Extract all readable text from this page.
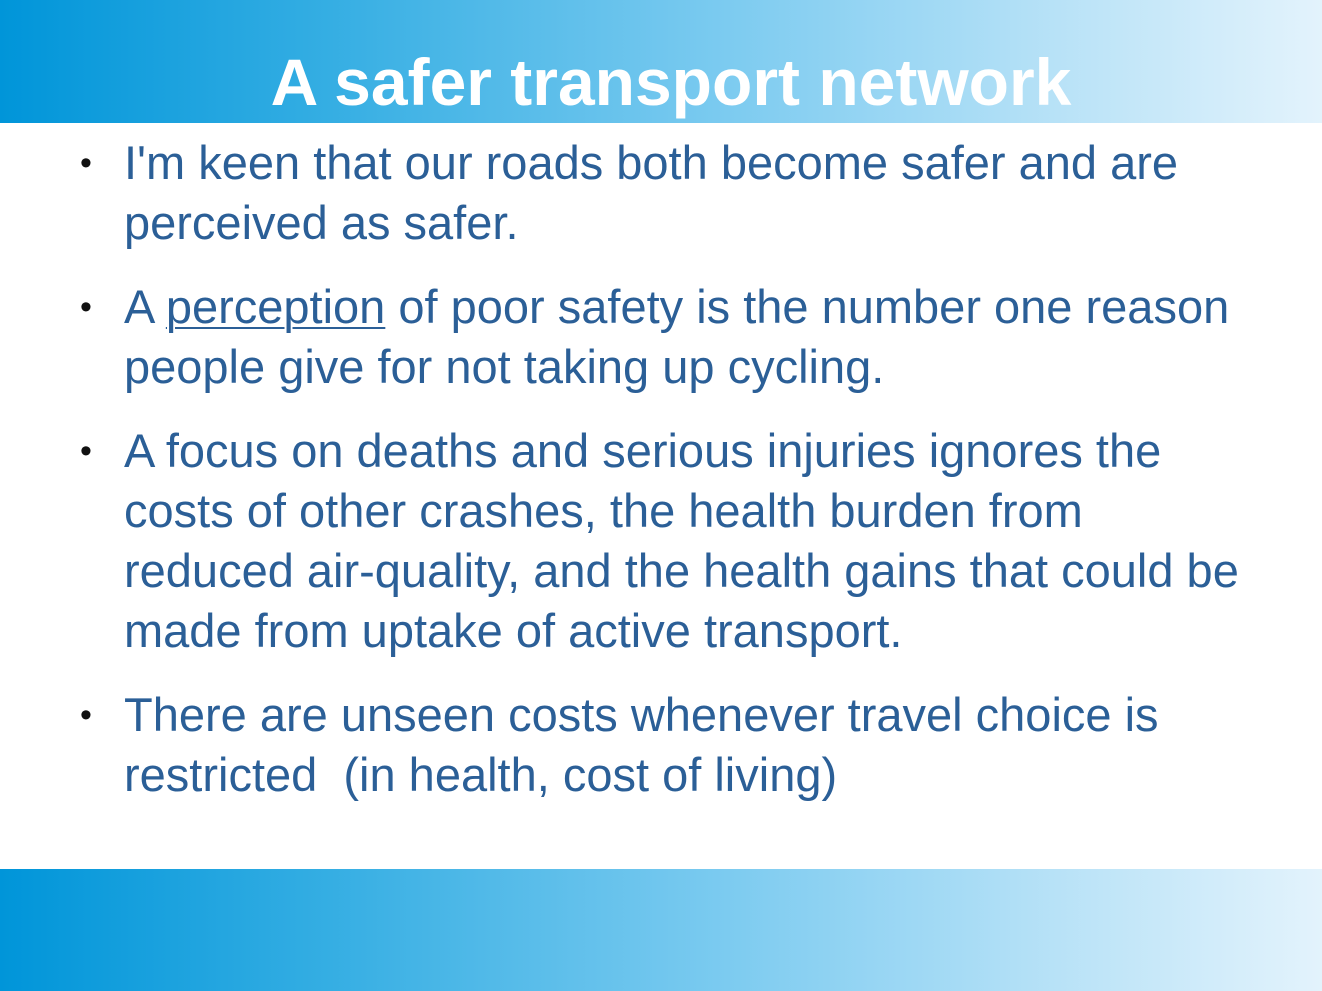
A safer transport network
• I'm keen that our roads both become safer and are perceived as safer.
• A perception of poor safety is the number one reason people give for not taking up cycling.
• A focus on deaths and serious injuries ignores the costs of other crashes, the health burden from reduced air-quality, and the health gains that could be made from uptake of active transport.
• There are unseen costs whenever travel choice is restricted  (in health, cost of living)
